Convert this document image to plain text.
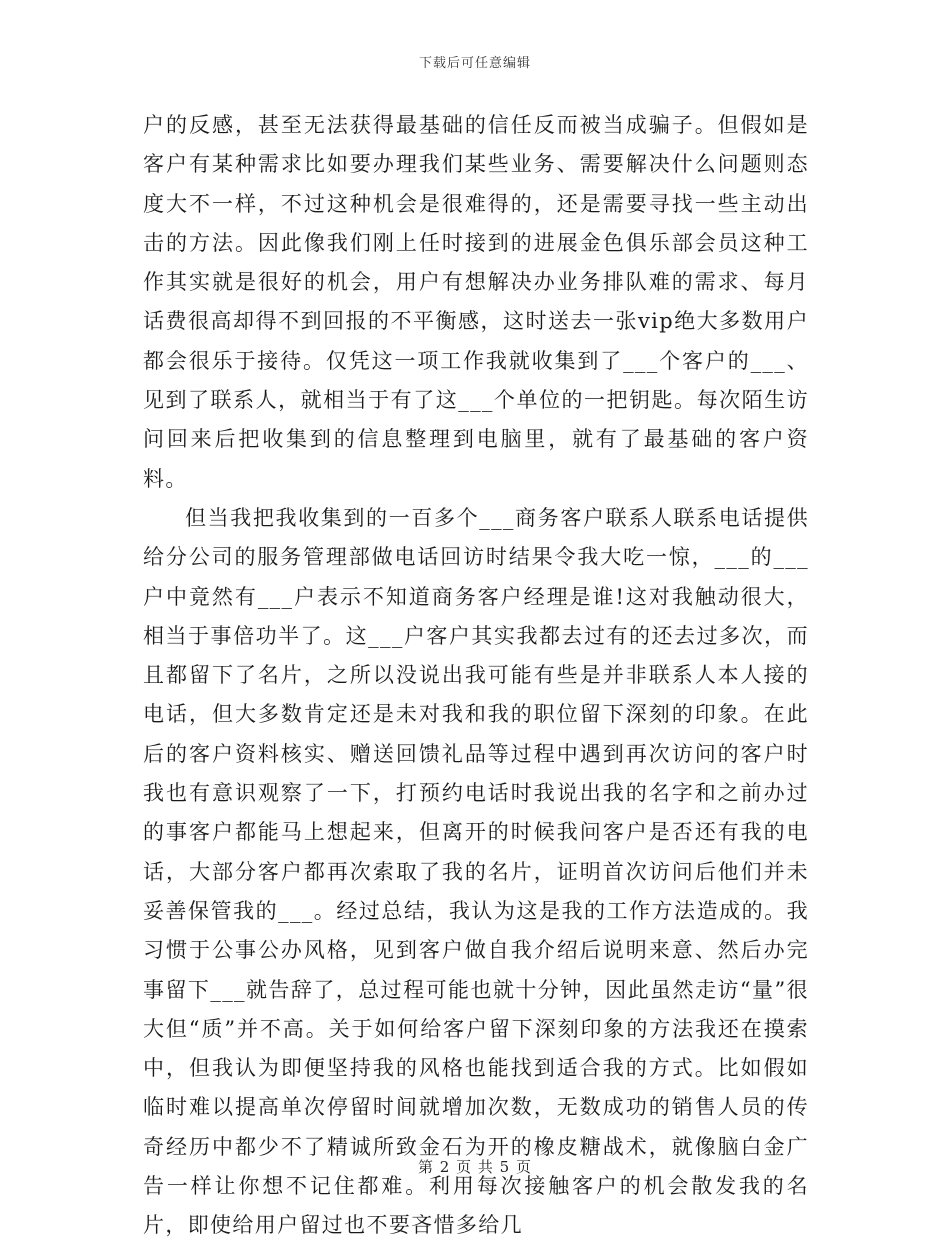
下载后可任意编辑

户的反感，甚至无法获得最基础的信任反而被当成骗子。但假如是客户有某种需求比如要办理我们某些业务、需要解决什么问题则态度大不一样，不过这种机会是很难得的，还是需要寻找一些主动出击的方法。因此像我们刚上任时接到的进展金色俱乐部会员这种工作其实就是很好的机会，用户有想解决办业务排队难的需求、每月话费很高却得不到回报的不平衡感，这时送去一张vip绝大多数用户都会很乐于接待。仅凭这一项工作我就收集到了___个客户的___、见到了联系人，就相当于有了这___个单位的一把钥匙。每次陌生访问回来后把收集到的信息整理到电脑里，就有了最基础的客户资料。

但当我把我收集到的一百多个___商务客户联系人联系电话提供给分公司的服务管理部做电话回访时结果令我大吃一惊，___的___户中竟然有___户表示不知道商务客户经理是谁!这对我触动很大，相当于事倍功半了。这___户客户其实我都去过有的还去过多次，而且都留下了名片，之所以没说出我可能有些是并非联系人本人接的电话，但大多数肯定还是未对我和我的职位留下深刻的印象。在此后的客户资料核实、赠送回馈礼品等过程中遇到再次访问的客户时我也有意识观察了一下，打预约电话时我说出我的名字和之前办过的事客户都能马上想起来，但离开的时候我问客户是否还有我的电话，大部分客户都再次索取了我的名片，证明首次访问后他们并未妥善保管我的___。经过总结，我认为这是我的工作方法造成的。我习惯于公事公办风格，见到客户做自我介绍后说明来意、然后办完事留下___就告辞了，总过程可能也就十分钟，因此虽然走访“量”很大但“质”并不高。关于如何给客户留下深刻印象的方法我还在摸索中，但我认为即便坚持我的风格也能找到适合我的方式。比如假如临时难以提高单次停留时间就增加次数，无数成功的销售人员的传奇经历中都少不了精诚所致金石为开的橡皮糖战术，就像脑白金广告一样让你想不记住都难。利用每次接触客户的机会散发我的名片，即使给用户留过也不要吝惜多给几

第 2 页 共 5 页
